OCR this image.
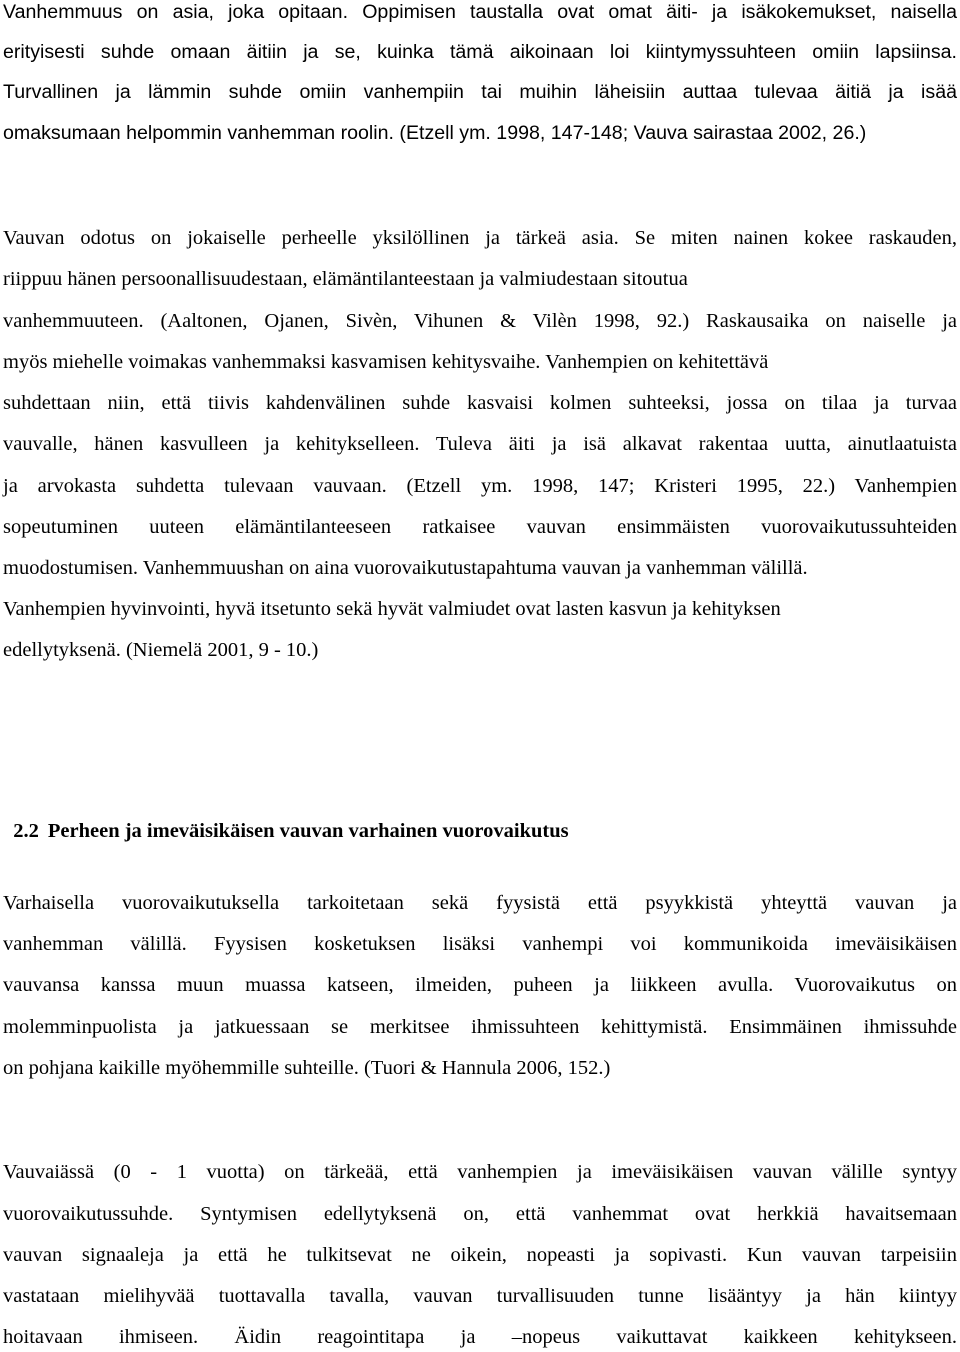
Vanhemmuus on asia, joka opitaan. Oppimisen taustalla ovat omat äiti- ja isäkokemukset, naisella
erityisesti suhde omaan äitiin ja se, kuinka tämä aikoinaan loi kiintymyssuhteen omiin lapsiinsa.
Turvallinen ja lämmin suhde omiin vanhempiin tai muihin läheisiin auttaa tulevaa äitiä ja isää
omaksumaan helpommin vanhemman roolin. (Etzell ym. 1998, 147-148; Vauva sairastaa 2002, 26.)
Vauvan odotus on jokaiselle perheelle yksilöllinen ja tärkeä asia. Se miten nainen kokee raskauden,
riippuu hänen persoonallisuudestaan, elämäntilanteestaan ja valmiudestaan sitoutua
vanhemmuuteen. (Aaltonen, Ojanen, Sivèn, Vihunen & Vilèn 1998, 92.) Raskausaika on naiselle ja
myös miehelle voimakas vanhemmaksi kasvamisen kehitysvaihe. Vanhempien on kehitettävä
suhdettaan niin, että tiivis kahdenvälinen suhde kasvaisi kolmen suhteeksi, jossa on tilaa ja turvaa
vauvalle, hänen kasvulleen ja kehitykselleen. Tuleva äiti ja isä alkavat rakentaa uutta, ainutlaatuista
ja arvokasta suhdetta tulevaan vauvaan. (Etzell ym. 1998, 147; Kristeri 1995, 22.) Vanhempien
sopeutuminen uuteen elämäntilanteeseen ratkaisee vauvan ensimmäisten vuorovaikutussuhteiden
muodostumisen. Vanhemmuushan on aina vuorovaikutustapahtuma vauvan ja vanhemman välillä.
Vanhempien hyvinvointi, hyvä itsetunto sekä hyvät valmiudet ovat lasten kasvun ja kehityksen
edellytyksenä. (Niemelä 2001, 9 - 10.)

2.2 Perheen ja imeväisikäisen vauvan varhainen vuorovaikutus

Varhaisella vuorovaikutuksella tarkoitetaan sekä fyysistä että psyykkistä yhteyttä vauvan ja
vanhemman välillä. Fyysisen kosketuksen lisäksi vanhempi voi kommunikoida imeväisikäisen
vauvansa kanssa muun muassa katseen, ilmeiden, puheen ja liikkeen avulla. Vuorovaikutus on
molemminpuolista ja jatkuessaan se merkitsee ihmissuhteen kehittymistä. Ensimmäinen ihmissuhde
on pohjana kaikille myöhemmille suhteille. (Tuori & Hannula 2006, 152.)
Vauvaiässä (0 - 1 vuotta) on tärkeää, että vanhempien ja imeväisikäisen vauvan välille syntyy
vuorovaikutussuhde. Syntymisen edellytyksenä on, että vanhemmat ovat herkkiä havaitsemaan
vauvan signaaleja ja että he tulkitsevat ne oikein, nopeasti ja sopivasti. Kun vauvan tarpeisiin
vastataan mielihyvää tuottavalla tavalla, vauvan turvallisuuden tunne lisääntyy ja hän kiintyy
hoitavaan ihmiseen. Äidin reagointitapa ja –nopeus vaikuttavat kaikkeen kehitykseen.
